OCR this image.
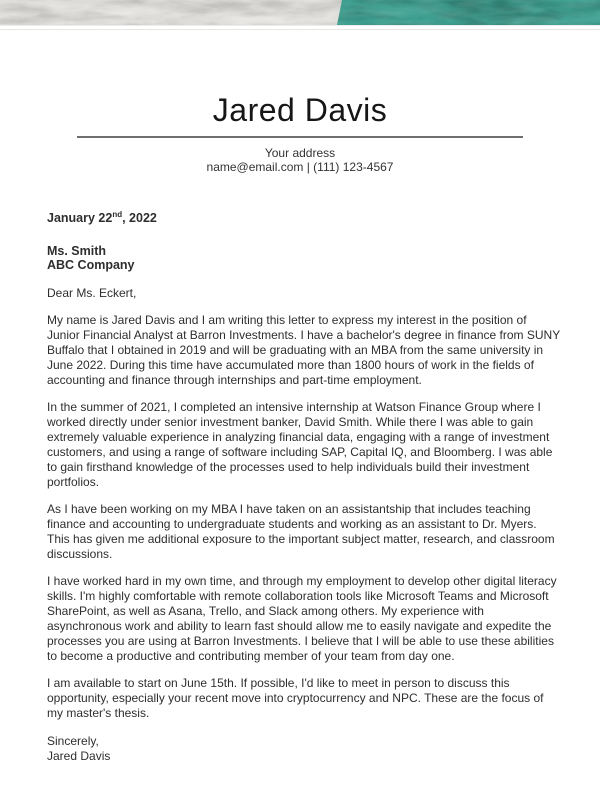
Jared Davis
Your address
name@email.com | (111) 123-4567
January 22nd, 2022
Ms. Smith
ABC Company
Dear Ms. Eckert,

My name is Jared Davis and I am writing this letter to express my interest in the position of Junior Financial Analyst at Barron Investments. I have a bachelor's degree in finance from SUNY Buffalo that I obtained in 2019 and will be graduating with an MBA from the same university in June 2022. During this time have accumulated more than 1800 hours of work in the fields of accounting and finance through internships and part-time employment.

In the summer of 2021, I completed an intensive internship at Watson Finance Group where I worked directly under senior investment banker, David Smith. While there I was able to gain extremely valuable experience in analyzing financial data, engaging with a range of investment customers, and using a range of software including SAP, Capital IQ, and Bloomberg. I was able to gain firsthand knowledge of the processes used to help individuals build their investment portfolios.

As I have been working on my MBA I have taken on an assistantship that includes teaching finance and accounting to undergraduate students and working as an assistant to Dr. Myers. This has given me additional exposure to the important subject matter, research, and classroom discussions.

I have worked hard in my own time, and through my employment to develop other digital literacy skills. I'm highly comfortable with remote collaboration tools like Microsoft Teams and Microsoft SharePoint, as well as Asana, Trello, and Slack among others. My experience with asynchronous work and ability to learn fast should allow me to easily navigate and expedite the processes you are using at Barron Investments. I believe that I will be able to use these abilities to become a productive and contributing member of your team from day one.

I am available to start on June 15th. If possible, I'd like to meet in person to discuss this opportunity, especially your recent move into cryptocurrency and NPC. These are the focus of my master's thesis.

Sincerely,

Jared Davis
